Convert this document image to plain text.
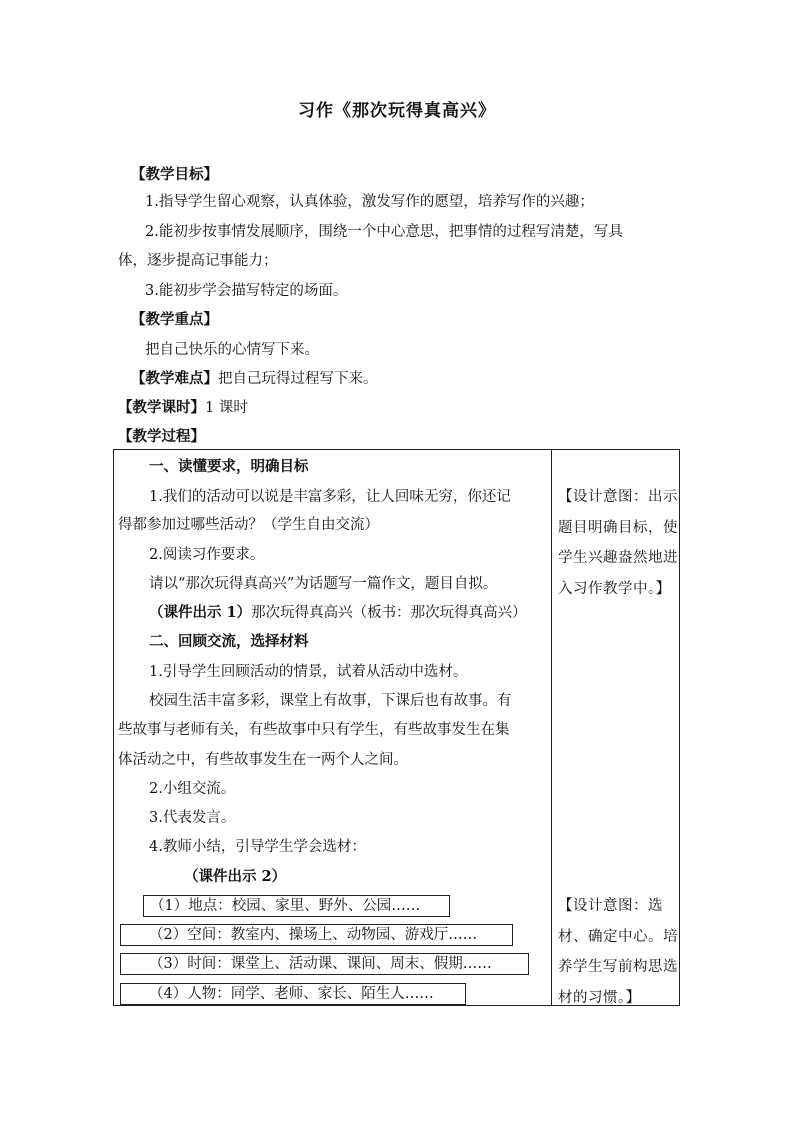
习作《那次玩得真高兴》
【教学目标】
1.指导学生留心观察，认真体验，激发写作的愿望，培养写作的兴趣；
2.能初步按事情发展顺序，围绕一个中心意思，把事情的过程写清楚，写具
体，逐步提高记事能力；
3.能初步学会描写特定的场面。
【教学重点】
把自己快乐的心情写下来。
【教学难点】把自己玩得过程写下来。
【教学课时】1 课时
【教学过程】
一、读懂要求，明确目标
1.我们的活动可以说是丰富多彩，让人回味无穷，你还记
得都参加过哪些活动？（学生自由交流）
2.阅读习作要求。
请以“那次玩得真高兴”为话题写一篇作文，题目自拟。
（课件出示 1）那次玩得真高兴（板书：那次玩得真高兴）
二、回顾交流，选择材料
1.引导学生回顾活动的情景，试着从活动中选材。
校园生活丰富多彩，课堂上有故事，下课后也有故事。有
些故事与老师有关，有些故事中只有学生，有些故事发生在集
体活动之中，有些故事发生在一两个人之间。
2.小组交流。
3.代表发言。
4.教师小结，引导学生学会选材：
（课件出示 2）
（1）地点：校园、家里、野外、公园……
（2）空间：教室内、操场上、动物园、游戏厅……
（3）时间：课堂上、活动课、课间、周末、假期……
（4）人物：同学、老师、家长、陌生人……
【设计意图：出示题目明确目标，使学生兴趣盎然地进入习作教学中。】
【设计意图：选材、确定中心。培养学生写前构思选材的习惯。】
